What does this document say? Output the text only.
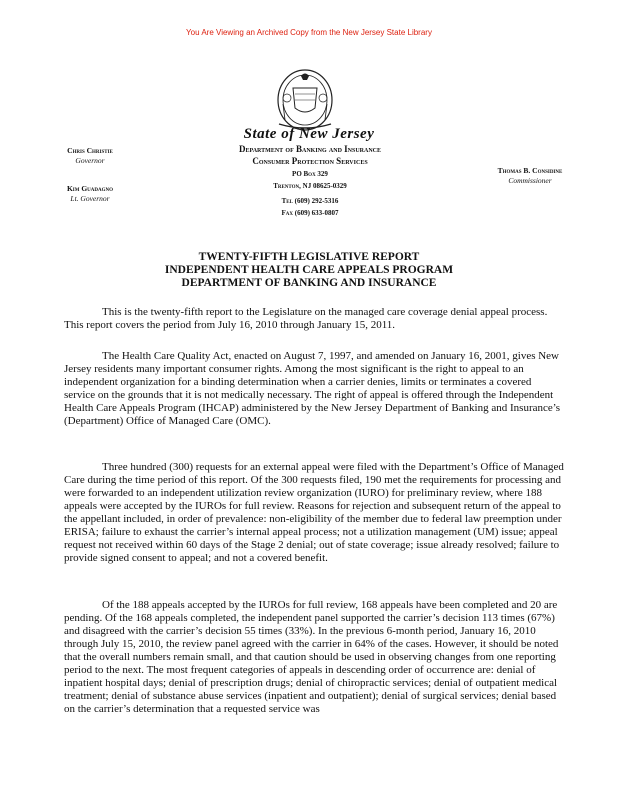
You Are Viewing an Archived Copy from the New Jersey State Library
State of New Jersey
Department of Banking and Insurance
Consumer Protection Services
PO Box 329
Trenton, NJ 08625-0329
Tel (609) 292-5316
Fax (609) 633-0807
Chris Christie
Governor
Kim Guadagno
Lt. Governor
Thomas B. Considine
Commissioner
TWENTY-FIFTH LEGISLATIVE REPORT
INDEPENDENT HEALTH CARE APPEALS PROGRAM
DEPARTMENT OF BANKING AND INSURANCE

This is the twenty-fifth report to the Legislature on the managed care coverage denial appeal process. This report covers the period from July 16, 2010 through January 15, 2011.

The Health Care Quality Act, enacted on August 7, 1997, and amended on January 16, 2001, gives New Jersey residents many important consumer rights. Among the most significant is the right to appeal to an independent organization for a binding determination when a carrier denies, limits or terminates a covered service on the grounds that it is not medically necessary. The right of appeal is offered through the Independent Health Care Appeals Program (IHCAP) administered by the New Jersey Department of Banking and Insurance’s (Department) Office of Managed Care (OMC).

Three hundred (300) requests for an external appeal were filed with the Department’s Office of Managed Care during the time period of this report. Of the 300 requests filed, 190 met the requirements for processing and were forwarded to an independent utilization review organization (IURO) for preliminary review, where 188 appeals were accepted by the IUROs for full review. Reasons for rejection and subsequent return of the appeal to the appellant included, in order of prevalence: non-eligibility of the member due to federal law preemption under ERISA; failure to exhaust the carrier’s internal appeal process; not a utilization management (UM) issue; appeal request not received within 60 days of the Stage 2 denial; out of state coverage; issue already resolved; failure to provide signed consent to appeal; and not a covered benefit.

Of the 188 appeals accepted by the IUROs for full review, 168 appeals have been completed and 20 are pending. Of the 168 appeals completed, the independent panel supported the carrier’s decision 113 times (67%) and disagreed with the carrier’s decision 55 times (33%). In the previous 6-month period, January 16, 2010 through July 15, 2010, the review panel agreed with the carrier in 64% of the cases. However, it should be noted that the overall numbers remain small, and that caution should be used in observing changes from one reporting period to the next. The most frequent categories of appeals in descending order of occurrence are: denial of inpatient hospital days; denial of prescription drugs; denial of chiropractic services; denial of outpatient medical treatment; denial of substance abuse services (inpatient and outpatient); denial of surgical services; denial based on the carrier’s determination that a requested service was
